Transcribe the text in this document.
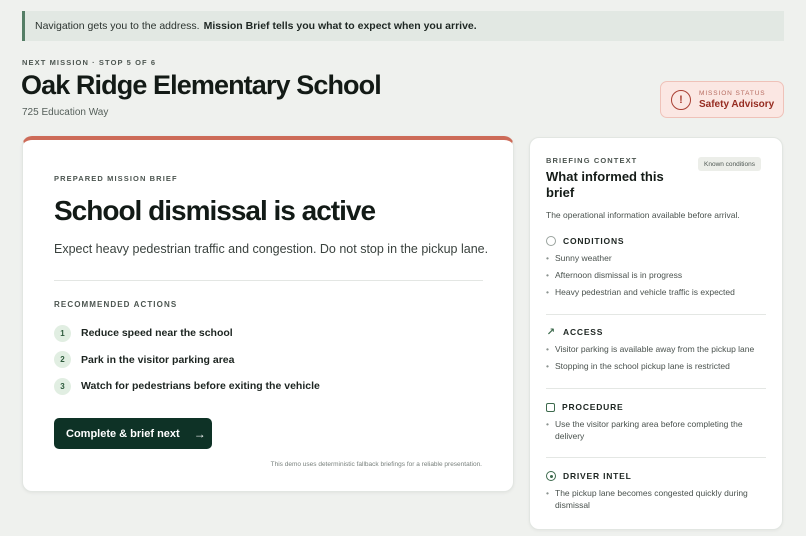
Navigation gets you to the address. Mission Brief tells you what to expect when you arrive.
NEXT MISSION · STOP 5 OF 6
Oak Ridge Elementary School
725 Education Way
!
MISSION STATUS
Safety Advisory
PREPARED MISSION BRIEF
School dismissal is active

Expect heavy pedestrian traffic and congestion. Do not stop in the pickup lane.

RECOMMENDED ACTIONS
1	Reduce speed near the school
2	Park in the visitor parking area
3	Watch for pedestrians before exiting the vehicle
Complete & brief next →
This demo uses deterministic fallback briefings for a reliable presentation.
BRIEFING CONTEXT	Known conditions
What informed this brief

The operational information available before arrival.

CONDITIONS
• Sunny weather
• Afternoon dismissal is in progress
• Heavy pedestrian and vehicle traffic is expected
↗ ACCESS
• Visitor parking is available away from the pickup lane
• Stopping in the school pickup lane is restricted
PROCEDURE
• Use the visitor parking area before completing the delivery
DRIVER INTEL
• The pickup lane becomes congested quickly during dismissal
